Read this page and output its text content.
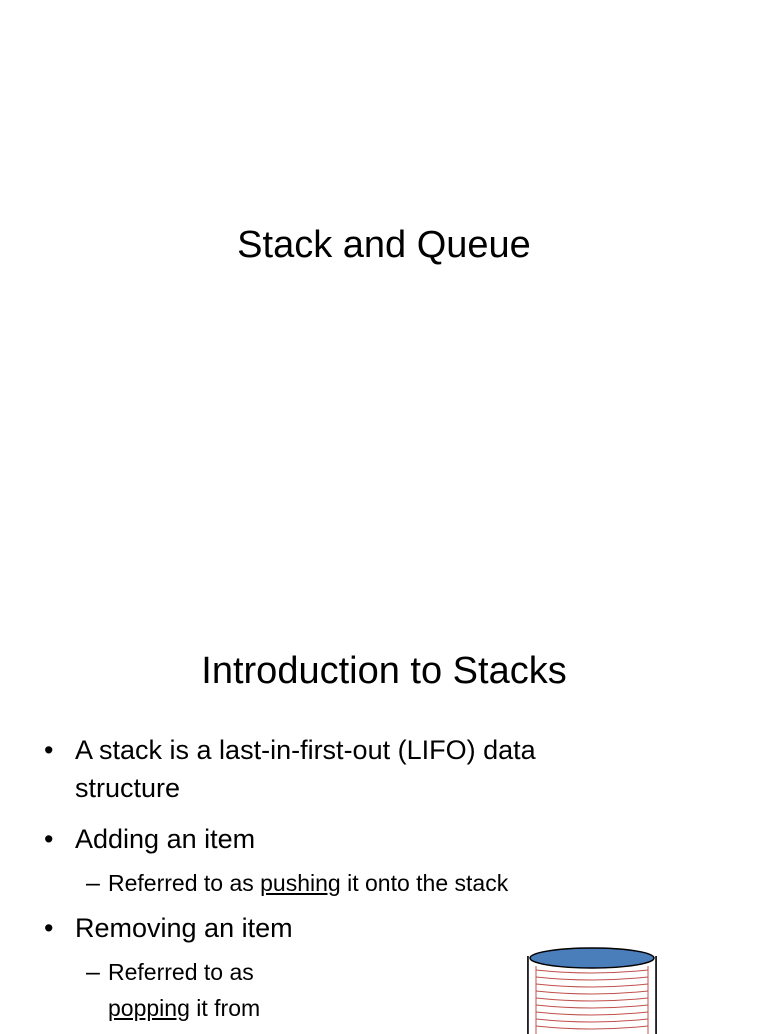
Stack and Queue
Introduction to Stacks
• A stack is a last-in-first-out (LIFO) data
structure
• Adding an item
– Referred to as pushing it onto the stack
• Removing an item
– Referred to as
popping it from
